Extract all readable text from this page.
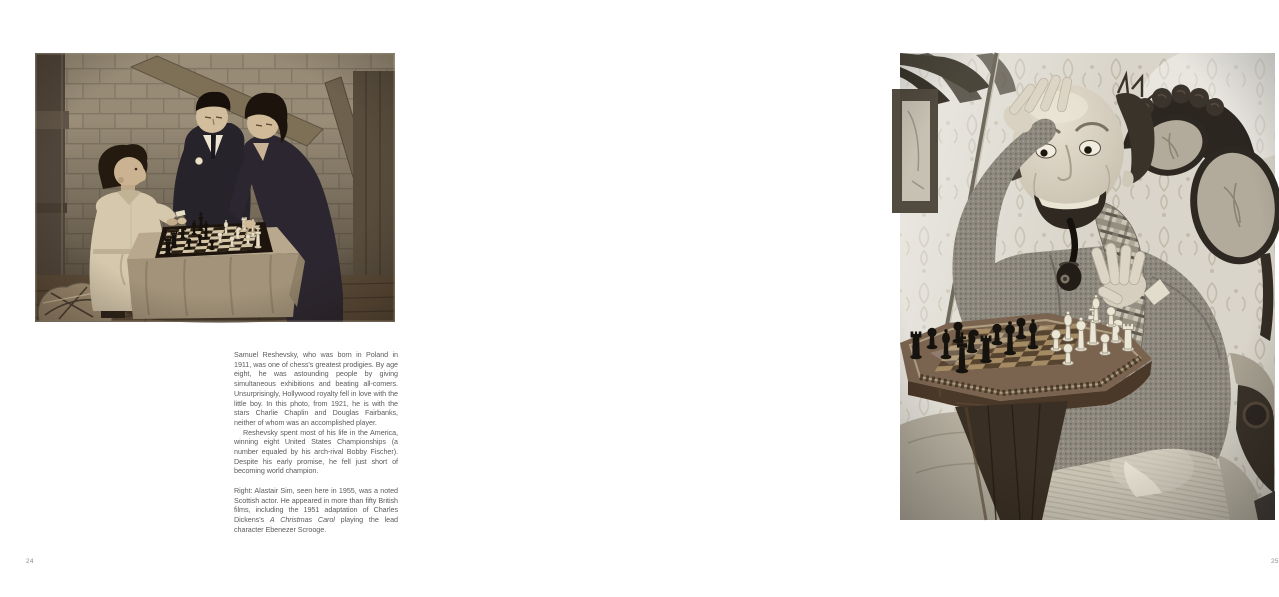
Samuel Reshevsky, who was born in Poland in 1911, was one of chess's greatest prodigies. By age eight, he was astounding people by giving simultaneous exhibitions and beating all-comers. Unsurprisingly, Hollywood royalty fell in love with the little boy. In this photo, from 1921, he is with the stars Charlie Chaplin and Douglas Fairbanks, neither of whom was an accomplished player.

Reshevsky spent most of his life in the America, winning eight United States Championships (a number equaled by his arch-rival Bobby Fischer). Despite his early promise, he fell just short of becoming world champion.

Right: Alastair Sim, seen here in 1955, was a noted Scottish actor. He appeared in more than fifty British films, including the 1951 adaptation of Charles Dickens's A Christmas Carol playing the lead character Ebenezer Scrooge.

24	25
